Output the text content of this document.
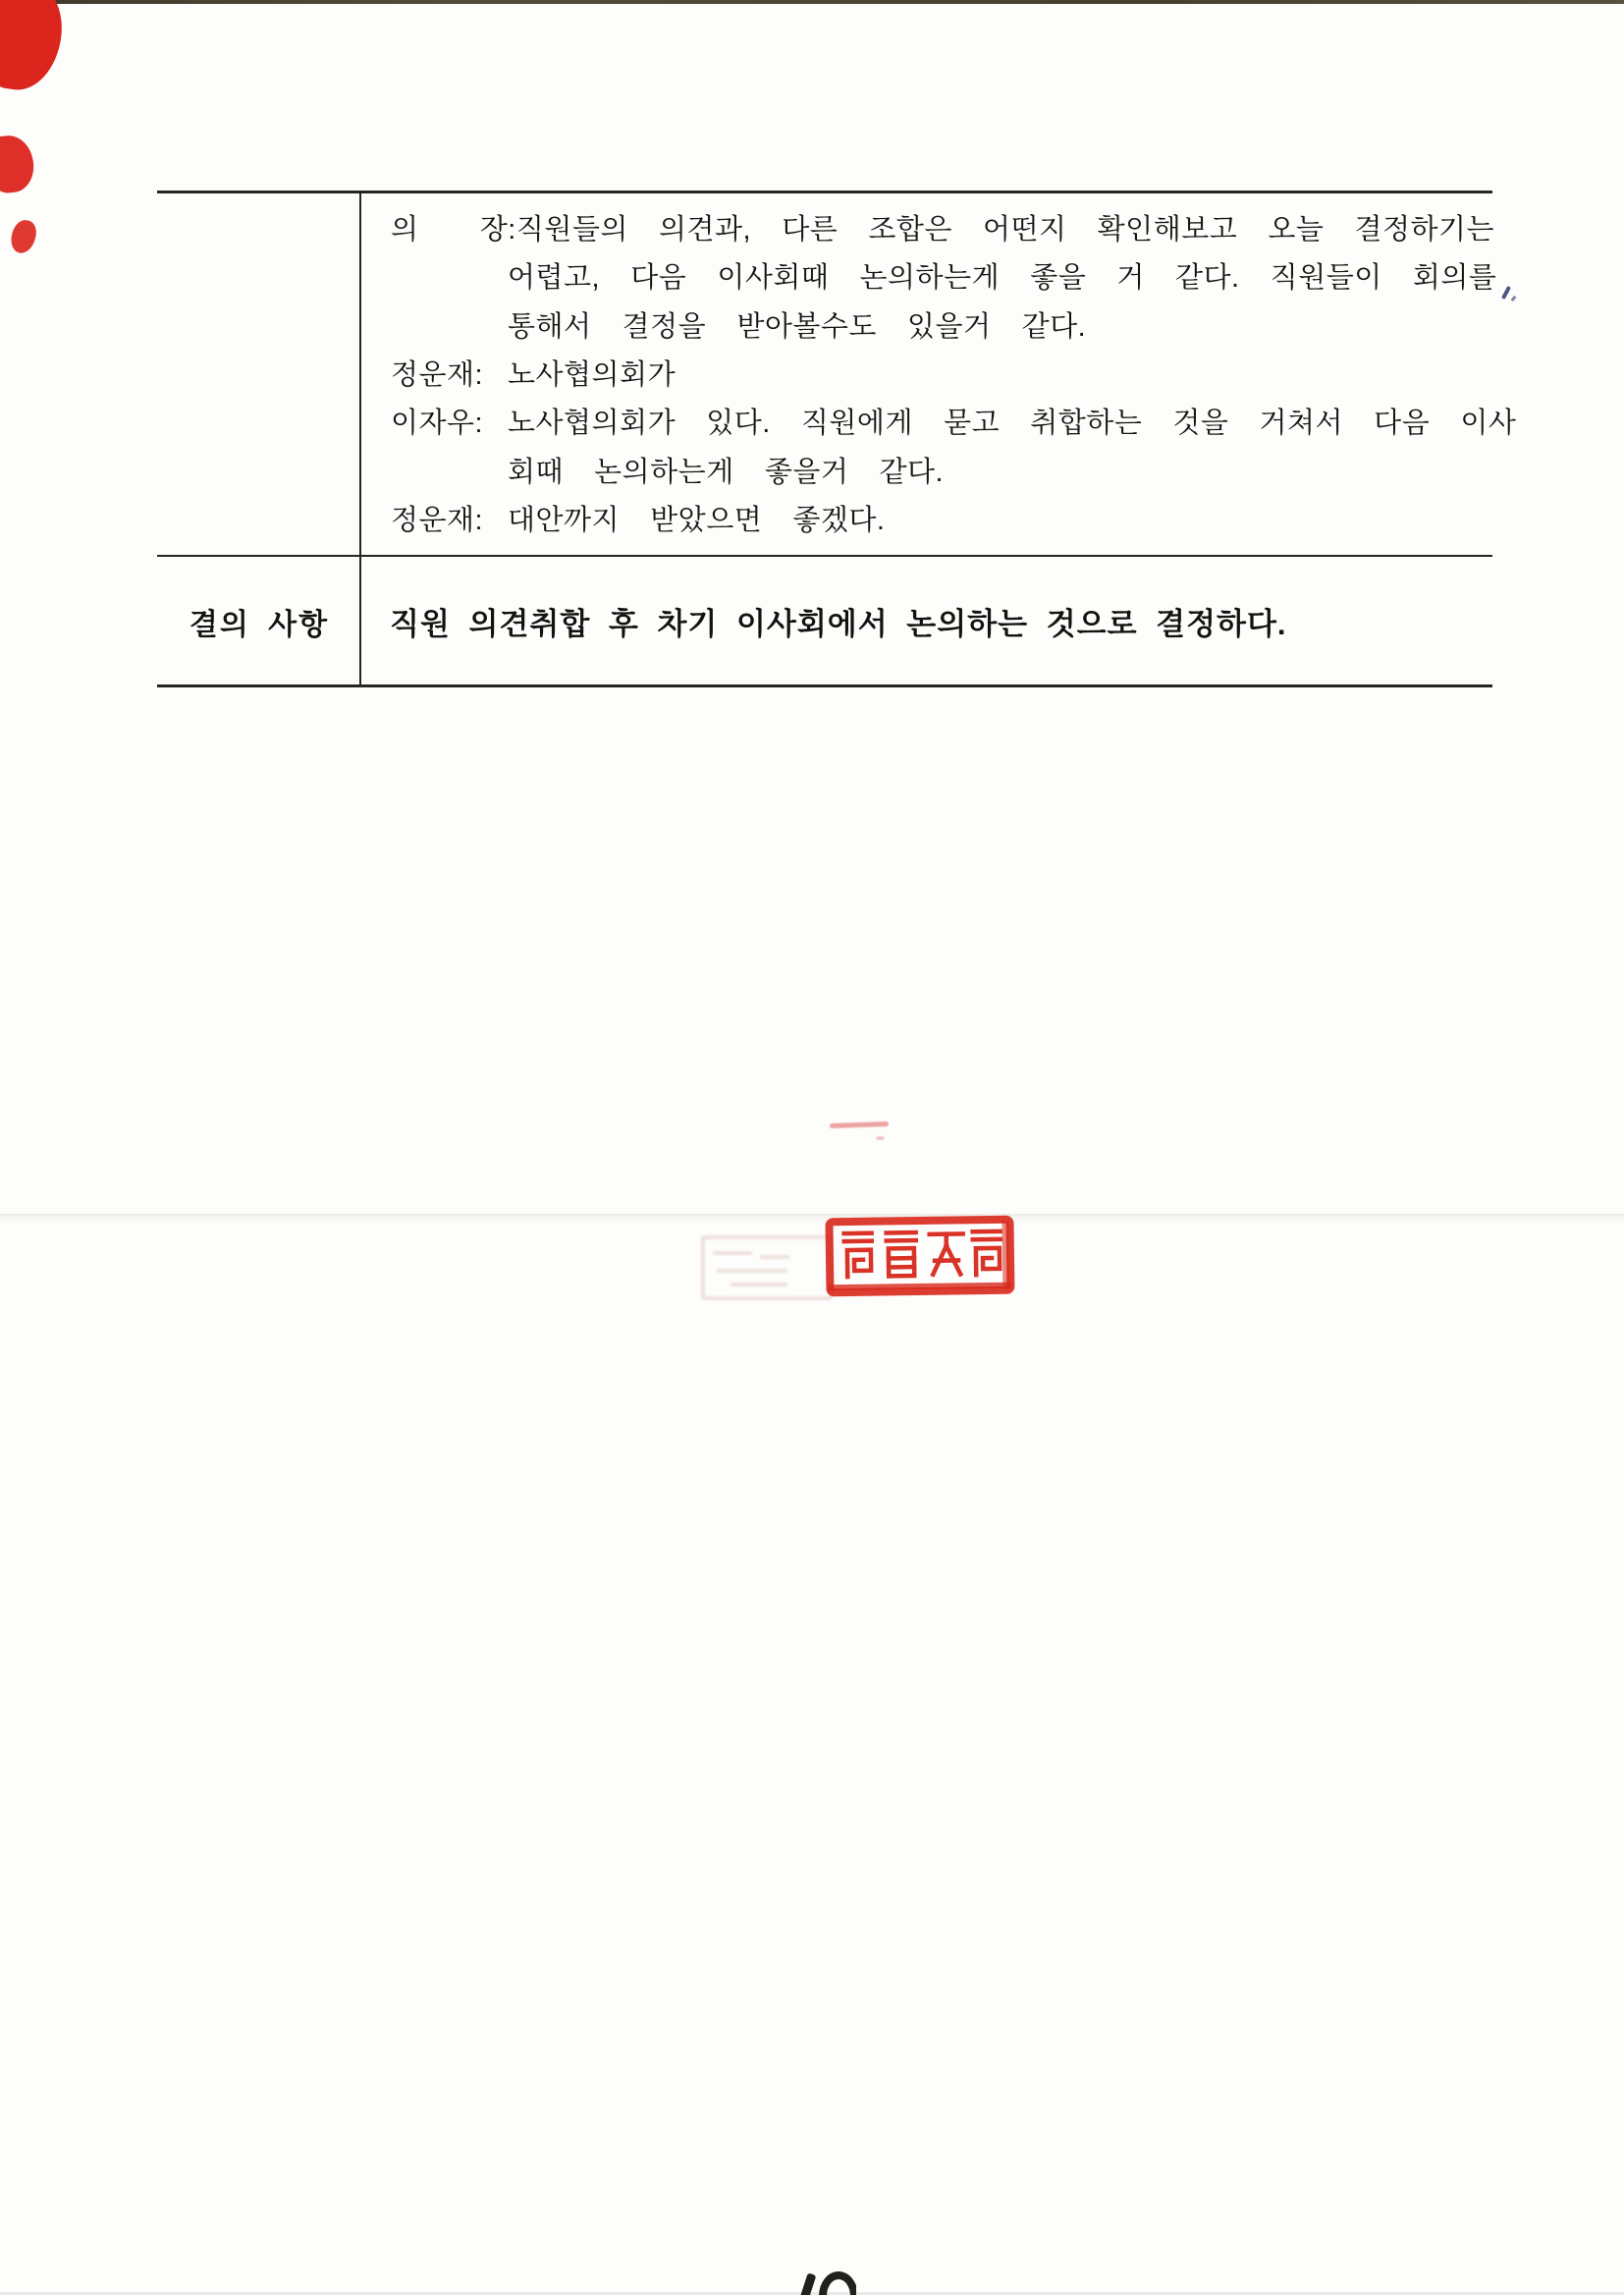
의    장: 직원들의  의견과,  다른  조합은  어떤지  확인해보고  오늘  결정하기는
어렵고,  다음  이사회때  논의하는게  좋을  거  같다.  직원들이  회의를
통해서  결정을  받아볼수도  있을거  같다.
정운재: 노사협의회가
이자우: 노사협의회가  있다.  직원에게  묻고  취합하는  것을  거쳐서  다음  이사
회때  논의하는게  좋을거  같다.
정운재: 대안까지  받았으면  좋겠다.
결의 사항	직원 의견취합 후 차기 이사회에서 논의하는 것으로 결정하다.
